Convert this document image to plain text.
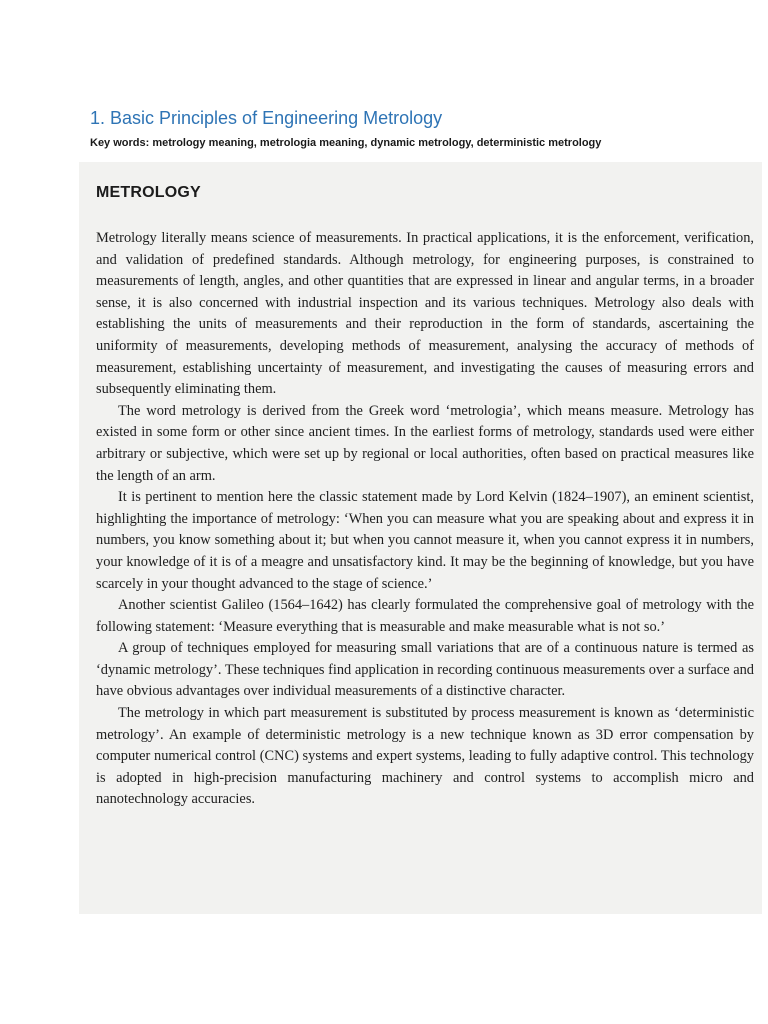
1. Basic Principles of Engineering Metrology

Key words: metrology meaning, metrologia meaning, dynamic metrology, deterministic metrology

METROLOGY

Metrology literally means science of measurements. In practical applications, it is the enforcement, verification, and validation of predefined standards. Although metrology, for engineering purposes, is constrained to measurements of length, angles, and other quantities that are expressed in linear and angular terms, in a broader sense, it is also concerned with industrial inspection and its various techniques. Metrology also deals with establishing the units of measurements and their reproduction in the form of standards, ascertaining the uniformity of measurements, developing methods of measurement, analysing the accuracy of methods of measurement, establishing uncertainty of measurement, and investigating the causes of measuring errors and subsequently eliminating them.

The word metrology is derived from the Greek word ‘metrologia’, which means measure. Metrology has existed in some form or other since ancient times. In the earliest forms of metrology, standards used were either arbitrary or subjective, which were set up by regional or local authorities, often based on practical measures like the length of an arm.

It is pertinent to mention here the classic statement made by Lord Kelvin (1824–1907), an eminent scientist, highlighting the importance of metrology: ‘When you can measure what you are speaking about and express it in numbers, you know something about it; but when you cannot measure it, when you cannot express it in numbers, your knowledge of it is of a meagre and unsatisfactory kind. It may be the beginning of knowledge, but you have scarcely in your thought advanced to the stage of science.’

Another scientist Galileo (1564–1642) has clearly formulated the comprehensive goal of metrology with the following statement: ‘Measure everything that is measurable and make measurable what is not so.’

A group of techniques employed for measuring small variations that are of a continuous nature is termed as ‘dynamic metrology’. These techniques find application in recording continuous measurements over a surface and have obvious advantages over individual measurements of a distinctive character.

The metrology in which part measurement is substituted by process measurement is known as ‘deterministic metrology’. An example of deterministic metrology is a new technique known as 3D error compensation by computer numerical control (CNC) systems and expert systems, leading to fully adaptive control. This technology is adopted in high-precision manufacturing machinery and control systems to accomplish micro and nanotechnology accuracies.
